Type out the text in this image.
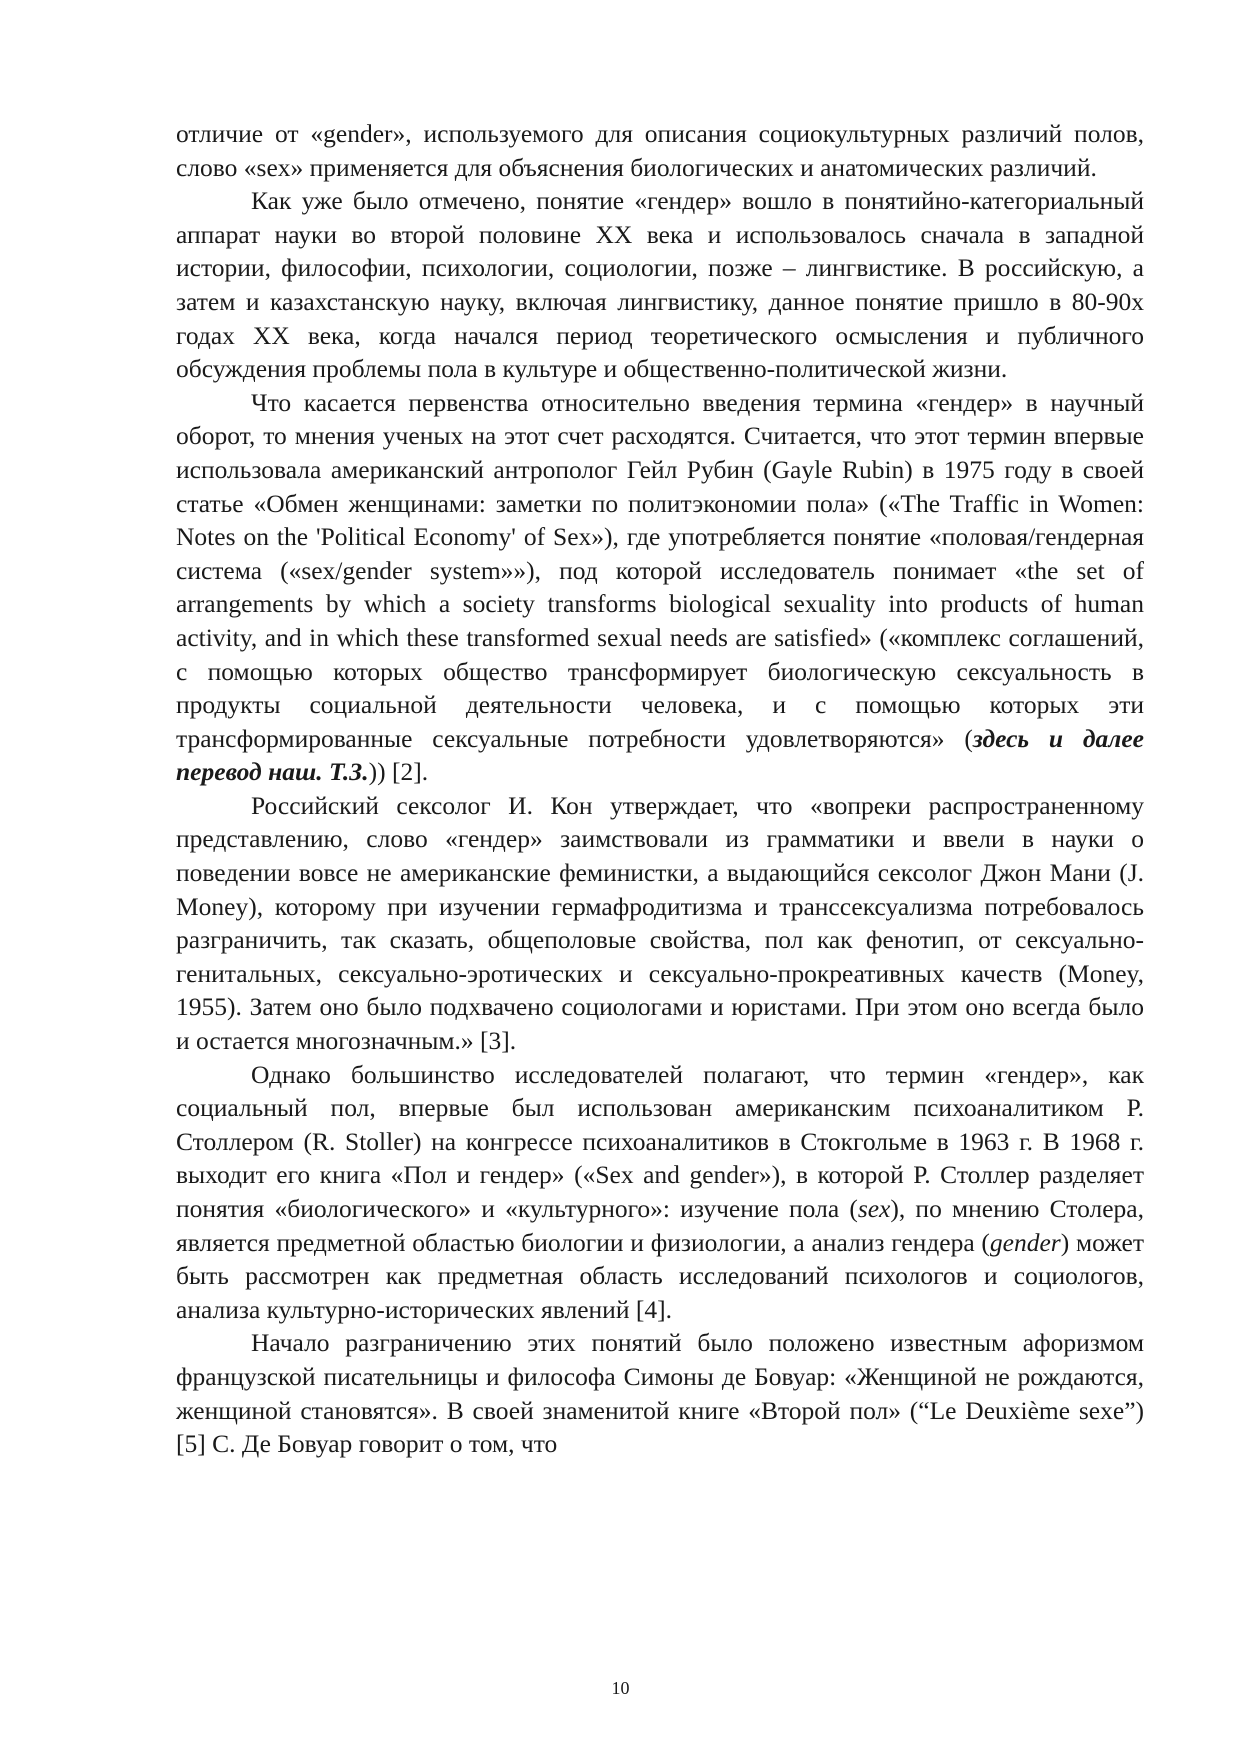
отличие от «gender», используемого для описания социокультурных различий полов, слово «sex» применяется для объяснения биологических и анатомических различий.

Как уже было отмечено, понятие «гендер» вошло в понятийно-категориальный аппарат науки во второй половине XX века и использовалось сначала в западной истории, философии, психологии, социологии, позже – лингвистике. В российскую, а затем и казахстанскую науку, включая лингвистику, данное понятие пришло в 80-90х годах XX века, когда начался период теоретического осмысления и публичного обсуждения проблемы пола в культуре и общественно-политической жизни.

Что касается первенства относительно введения термина «гендер» в научный оборот, то мнения ученых на этот счет расходятся. Считается, что этот термин впервые использовала американский антрополог Гейл Рубин (Gayle Rubin) в 1975 году в своей статье «Обмен женщинами: заметки по политэкономии пола» («The Traffic in Women: Notes on the 'Political Economy' of Sex»), где употребляется понятие «половая/гендерная система («sex/gender system»»), под которой исследователь понимает «the set of arrangements by which a society transforms biological sexuality into products of human activity, and in which these transformed sexual needs are satisfied» («комплекс соглашений, с помощью которых общество трансформирует биологическую сексуальность в продукты социальной деятельности человека, и с помощью которых эти трансформированные сексуальные потребности удовлетворяются» (здесь и далее перевод наш. Т.З.)) [2].

Российский сексолог И. Кон утверждает, что «вопреки распространенному представлению, слово «гендер» заимствовали из грамматики и ввели в науки о поведении вовсе не американские феминистки, а выдающийся сексолог Джон Мани (J. Money), которому при изучении гермафродитизма и транссексуализма потребовалось разграничить, так сказать, общеполовые свойства, пол как фенотип, от сексуально-генитальных, сексуально-эротических и сексуально-прокреативных качеств (Money, 1955). Затем оно было подхвачено социологами и юристами. При этом оно всегда было и остается многозначным.» [3].

Однако большинство исследователей полагают, что термин «гендер», как социальный пол, впервые был использован американским психоаналитиком Р. Столлером (R. Stoller) на конгрессе психоаналитиков в Стокгольме в 1963 г. В 1968 г. выходит его книга «Пол и гендер» («Sex and gender»), в которой Р. Столлер разделяет понятия «биологического» и «культурного»: изучение пола (sex), по мнению Столера, является предметной областью биологии и физиологии, а анализ гендера (gender) может быть рассмотрен как предметная область исследований психологов и социологов, анализа культурно-исторических явлений [4].

Начало разграничению этих понятий было положено известным афоризмом французской писательницы и философа Симоны де Бовуар: «Женщиной не рождаются, женщиной становятся». В своей знаменитой книге «Второй пол» (“Le Deuxième sexe”) [5] С. Де Бовуар говорит о том, что

10
